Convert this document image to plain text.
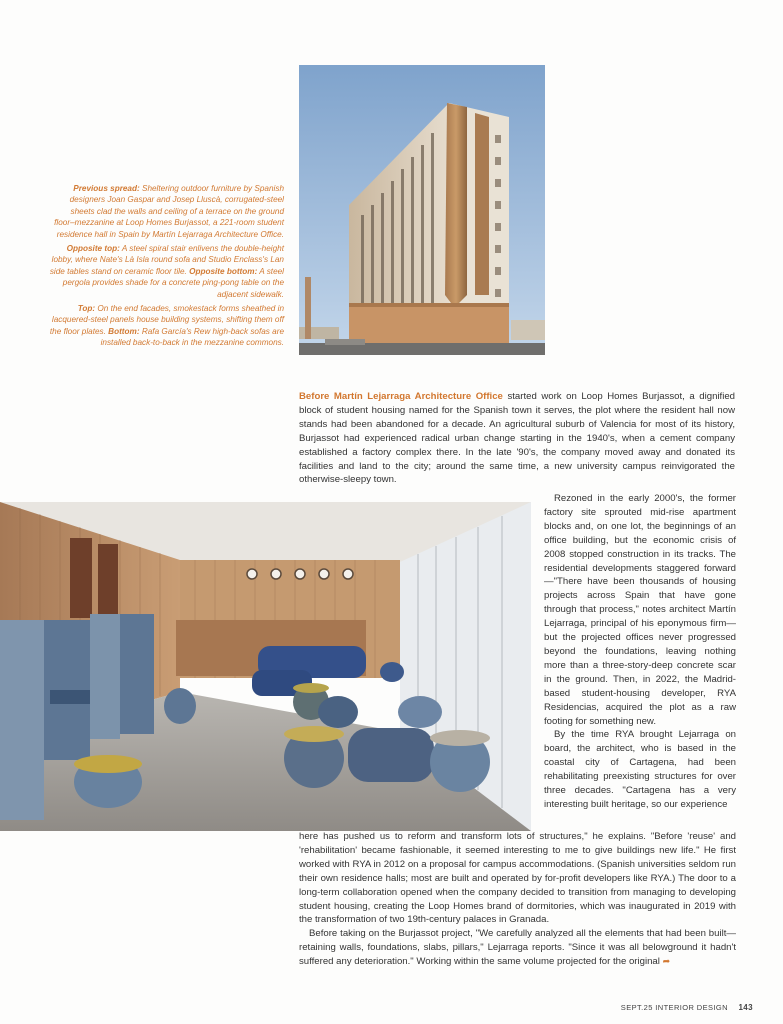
Previous spread: Sheltering outdoor furniture by Spanish designers Joan Gaspar and Josep Lluscà, corrugated-steel sheets clad the walls and ceiling of a terrace on the ground floor–mezzanine at Loop Homes Burjassot, a 221-room student residence hall in Spain by Martín Lejarraga Architecture Office.

Opposite top: A steel spiral stair enlivens the double-height lobby, where Nate's Là Isla round sofa and Studio Enclass's Lan side tables stand on ceramic floor tile. Opposite bottom: A steel pergola provides shade for a concrete ping-pong table on the adjacent sidewalk.

Top: On the end facades, smokestack forms sheathed in lacquered-steel panels house building systems, shifting them off the floor plates. Bottom: Rafa García's Rew high-back sofas are installed back-to-back in the mezzanine commons.

Before Martín Lejarraga Architecture Office started work on Loop Homes Burjassot, a dignified block of student housing named for the Spanish town it serves, the plot where the resident hall now stands had been abandoned for a decade. An agricultural suburb of Valencia for most of its history, Burjassot had experienced radical urban change starting in the 1940's, when a cement company established a factory complex there. In the late '90's, the company moved away and donated its facilities and land to the city; around the same time, a new university campus reinvigorated the otherwise-sleepy town.

Rezoned in the early 2000's, the former factory site sprouted mid-rise apartment blocks and, on one lot, the beginnings of an office building, but the economic crisis of 2008 stopped construction in its tracks. The residential developments staggered forward—"There have been thousands of housing projects across Spain that have gone through that process," notes architect Martín Lejarraga, principal of his eponymous firm—but the projected offices never progressed beyond the foundations, leaving nothing more than a three-story-deep concrete scar in the ground. Then, in 2022, the Madrid-based student-housing developer, RYA Residencias, acquired the plot as a raw footing for something new.

By the time RYA brought Lejarraga on board, the architect, who is based in the coastal city of Cartagena, had been rehabilitating preexisting structures for over three decades. "Cartagena has a very interesting built heritage, so our experience

here has pushed us to reform and transform lots of structures," he explains. "Before 'reuse' and 'rehabilitation' became fashionable, it seemed interesting to me to give buildings new life." He first worked with RYA in 2012 on a proposal for campus accommodations. (Spanish universities seldom run their own residence halls; most are built and operated by for-profit developers like RYA.) The door to a long-term collaboration opened when the company decided to transition from managing to developing student housing, creating the Loop Homes brand of dormitories, which was inaugurated in 2019 with the transformation of two 19th-century palaces in Granada.

Before taking on the Burjassot project, "We carefully analyzed all the elements that had been built—retaining walls, foundations, slabs, pillars," Lejarraga reports. "Since it was all belowground it hadn't suffered any deterioration." Working within the same volume projected for the original ➦

SEPT.25 INTERIOR DESIGN 143
